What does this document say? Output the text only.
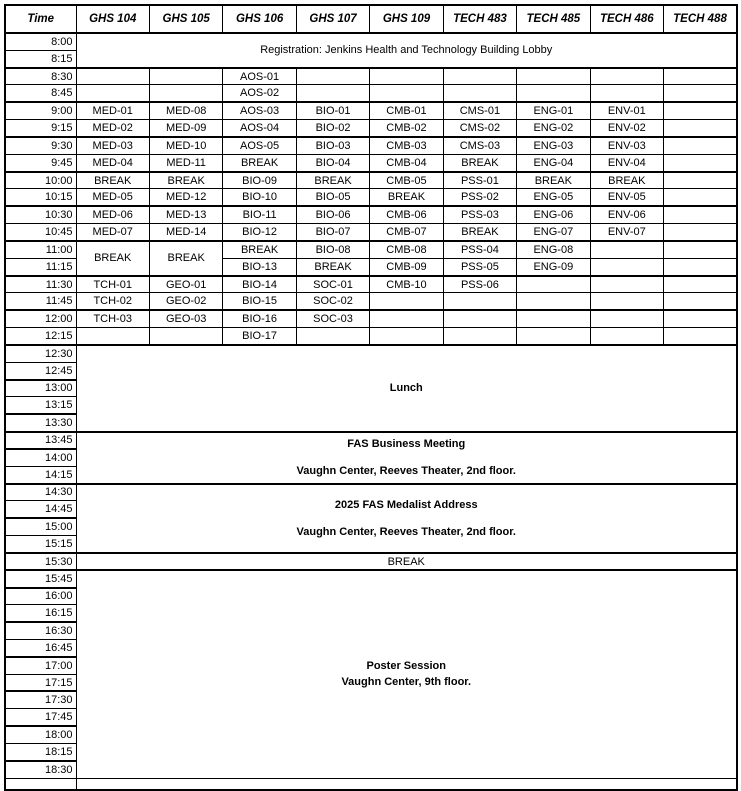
Time	GHS 104	GHS 105	GHS 106	GHS 107	GHS 109	TECH 483	TECH 485	TECH 486	TECH 488
8:00	Registration: Jenkins Health and Technology Building Lobby								

8:15									
8:30			AOS-01						
8:45			AOS-02						
9:00	MED-01	MED-08	AOS-03	BIO-01	CMB-01	CMS-01	ENG-01	ENV-01	
9:15	MED-02	MED-09	AOS-04	BIO-02	CMB-02	CMS-02	ENG-02	ENV-02	
9:30	MED-03	MED-10	AOS-05	BIO-03	CMB-03	CMS-03	ENG-03	ENV-03	
9:45	MED-04	MED-11	BREAK	BIO-04	CMB-04	BREAK	ENG-04	ENV-04	
10:00	BREAK	BREAK	BIO-09	BREAK	CMB-05	PSS-01	BREAK	BREAK	
10:15	MED-05	MED-12	BIO-10	BIO-05	BREAK	PSS-02	ENG-05	ENV-05	
10:30	MED-06	MED-13	BIO-11	BIO-06	CMB-06	PSS-03	ENG-06	ENV-06	
10:45	MED-07	MED-14	BIO-12	BIO-07	CMB-07	BREAK	ENG-07	ENV-07	
11:00	BREAK	BREAK	BREAK	BIO-08	CMB-08	PSS-04	ENG-08		
11:15			BIO-13	BREAK	CMB-09	PSS-05	ENG-09		
11:30	TCH-01	GEO-01	BIO-14	SOC-01	CMB-10	PSS-06			
11:45	TCH-02	GEO-02	BIO-15	SOC-02					
12:00	TCH-03	GEO-03	BIO-16	SOC-03					
12:15			BIO-17						
12:30	Lunch								

12:45									
13:00									
13:15									
13:30									
13:45	FAS Business Meeting
Vaughn Center, Reeves Theater, 2nd floor.								

14:00									
14:15									
14:30	2025 FAS Medalist Address
Vaughn Center, Reeves Theater, 2nd floor.								

14:45									
15:00									
15:15									
15:30	BREAK								

15:45	Poster Session
Vaughn Center, 9th floor.								

16:00									
16:15									
16:30									
16:45									
17:00									
17:15									
17:30									
17:45									
18:00									
18:15									
18:30									
